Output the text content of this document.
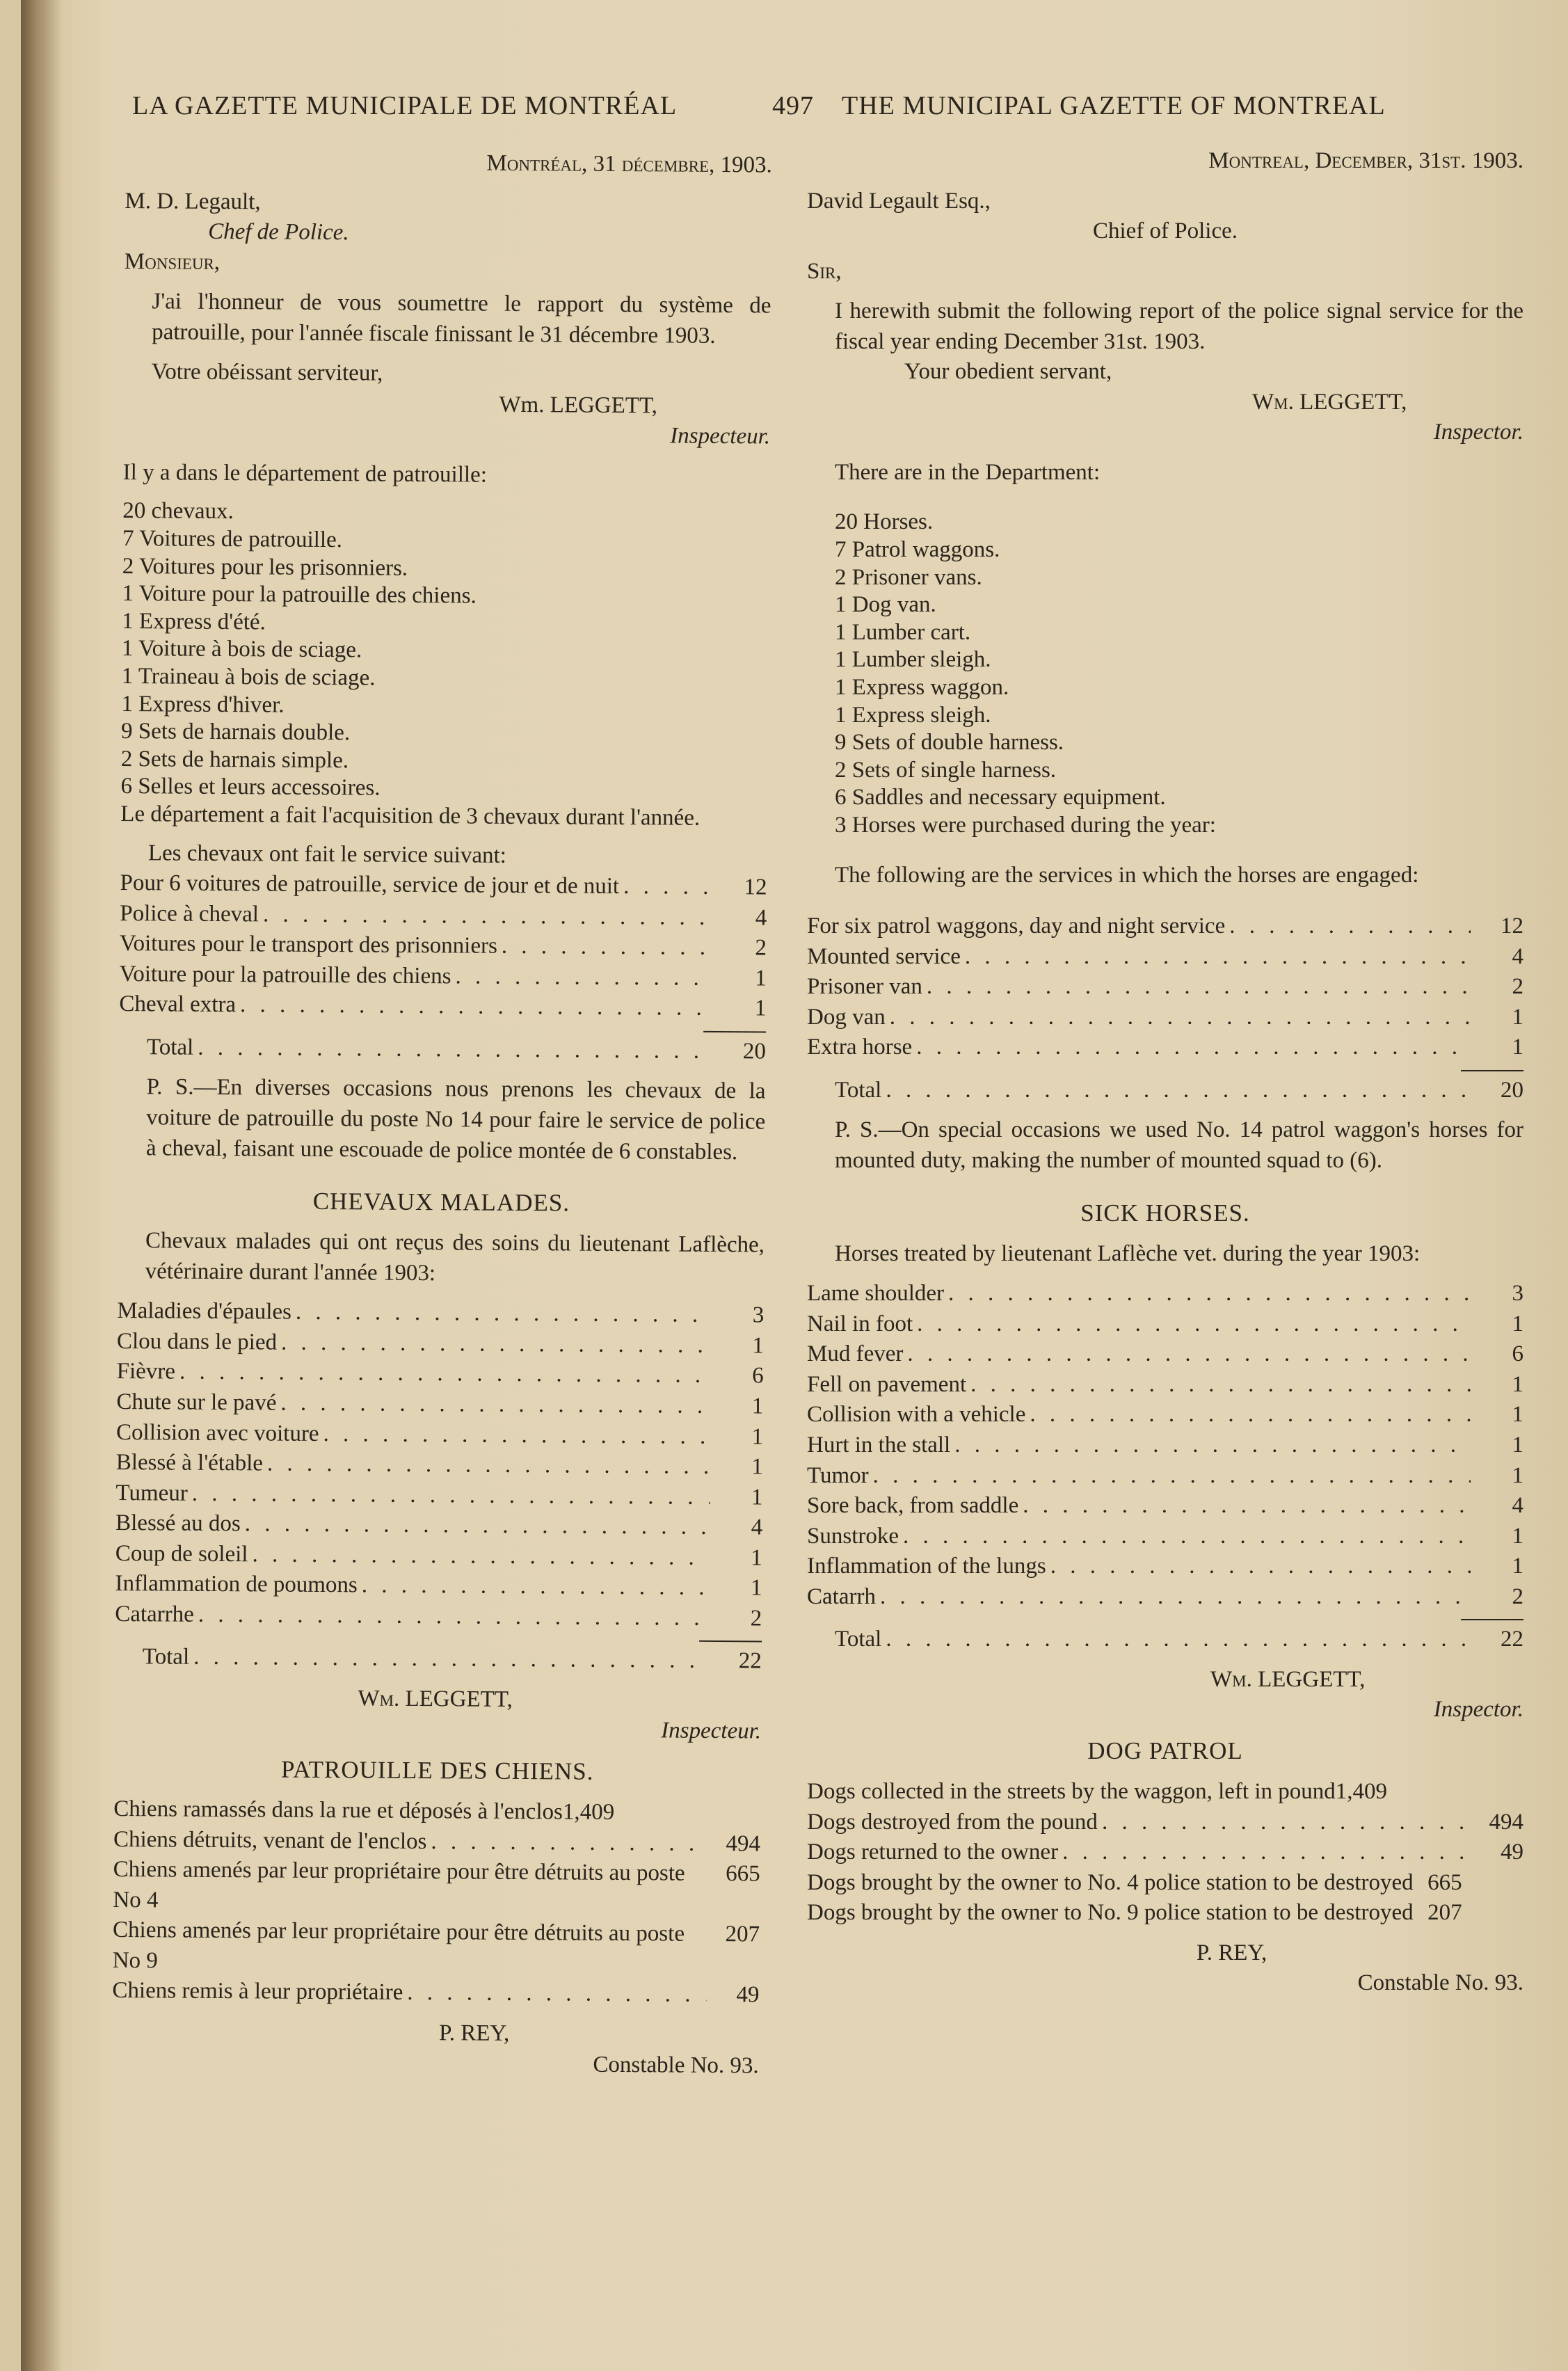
LA GAZETTE MUNICIPALE DE MONTRÉAL	497 THE MUNICIPAL GAZETTE OF MONTREAL

Montréal, 31 décembre, 1903.

M. D. Legault,

Chef de Police.

Monsieur,

J'ai l'honneur de vous soumettre le rapport du système de patrouille, pour l'année fiscale finissant le 31 décembre 1903.

Votre obéissant serviteur,

Wm. LEGGETT,

Inspecteur.

Il y a dans le département de patrouille:

20 chevaux.

7 Voitures de patrouille.

2 Voitures pour les prisonniers.

1 Voiture pour la patrouille des chiens.

1 Express d'été.

1 Voiture à bois de sciage.

1 Traineau à bois de sciage.

1 Express d'hiver.

9 Sets de harnais double.

2 Sets de harnais simple.

6 Selles et leurs accessoires.

Le département a fait l'acquisition de 3 chevaux durant l'année.

Les chevaux ont fait le service suivant:

Pour 6 voitures de patrouille, service de jour et de nuit . . .	12
Police à cheval . . .	4
Voitures pour le transport des prisonniers . . .	2
Voiture pour la patrouille des chiens . . .	1
Cheval extra . . .	1
Total . . .	20

P. S.—En diverses occasions nous prenons les chevaux de la voiture de patrouille du poste No 14 pour faire le service de police à cheval, faisant une escouade de police montée de 6 constables.

CHEVAUX MALADES.

Chevaux malades qui ont reçus des soins du lieutenant Laflèche, vétérinaire durant l'année 1903:

Maladies d'épaules . . .	3
Clou dans le pied . . .	1
Fièvre . . .	6
Chute sur le pavé . . .	1
Collision avec voiture . . .	1
Blessé à l'étable . . .	1
Tumeur . . .	1
Blessé au dos . . .	4
Coup de soleil . . .	1
Inflammation de poumons . . .	1
Catarrhe . . .	2
Total . . .	22

Wm. LEGGETT,

Inspecteur.

PATROUILLE DES CHIENS.

Chiens ramassés dans la rue et déposés à l'enclos 1,409
Chiens détruits, venant de l'enclos . . .	494
Chiens amenés par leur propriétaire pour être détruits au poste No 4
665
Chiens amenés par leur propriétaire pour être détruits au poste No 9
207
Chiens remis à leur propriétaire . . .	49

P. REY,

Constable No. 93.

Montreal, December, 31st. 1903.

David Legault Esq.,

Chief of Police.

Sir,

I herewith submit the following report of the police signal service for the fiscal year ending December 31st. 1903.

Your obedient servant,

Wm. LEGGETT,

Inspector.

There are in the Department:

20 Horses.

7 Patrol waggons.

2 Prisoner vans.

1 Dog van.

1 Lumber cart.

1 Lumber sleigh.

1 Express waggon.

1 Express sleigh.

9 Sets of double harness.

2 Sets of single harness.

6 Saddles and necessary equipment.

3 Horses were purchased during the year:

The following are the services in which the horses are engaged:

For six patrol waggons, day and night service . . .	12
Mounted service . . .	4
Prisoner van . . .	2
Dog van . . .	1
Extra horse . . .	1
Total . . .	20

P. S.—On special occasions we used No. 14 patrol waggon's horses for mounted duty, making the number of mounted squad to (6).

SICK HORSES.

Horses treated by lieutenant Laflèche vet. during the year 1903:

Lame shoulder . . .	3
Nail in foot . . .	1
Mud fever . . .	6
Fell on pavement . . .	1
Collision with a vehicle . . .	1
Hurt in the stall . . .	1
Tumor . . .	1
Sore back, from saddle . . .	4
Sunstroke . . .	1
Inflammation of the lungs . . .	1
Catarrh . . .	2
Total . . .	22

Wm. LEGGETT,

Inspector.

DOG PATROL

Dogs collected in the streets by the waggon, left in pound 1,409
Dogs destroyed from the pound . . .	494
Dogs returned to the owner . . .	49
Dogs brought by the owner to No. 4 police station to be destroyed 665
Dogs brought by the owner to No. 9 police station to be destroyed 207

P. REY,

Constable No. 93.
